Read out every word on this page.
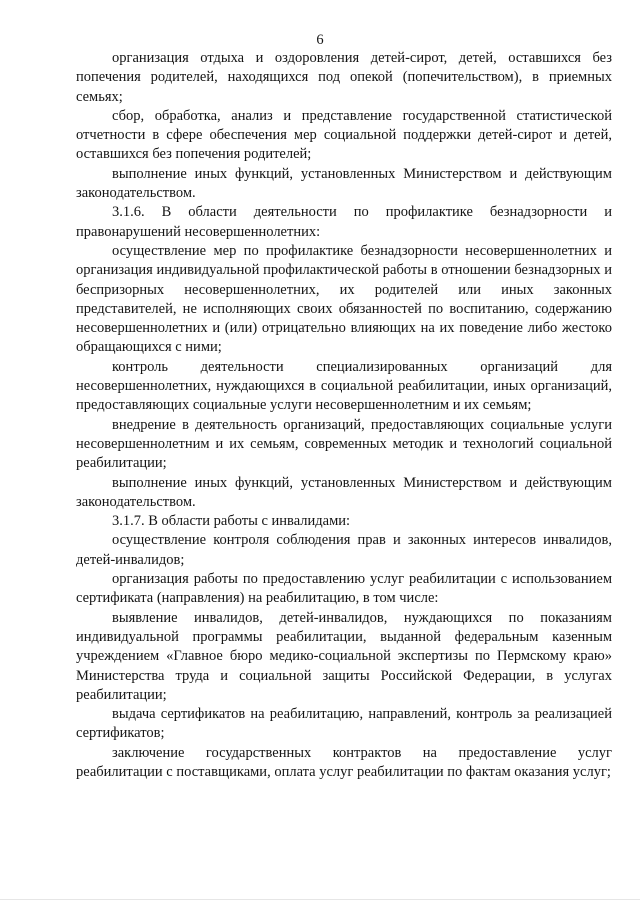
6

организация отдыха и оздоровления детей-сирот, детей, оставшихся без попечения родителей, находящихся под опекой (попечительством), в приемных семьях;

сбор, обработка, анализ и представление государственной статистической отчетности в сфере обеспечения мер социальной поддержки детей-сирот и детей, оставшихся без попечения родителей;

выполнение иных функций, установленных Министерством и действующим законодательством.

3.1.6. В области деятельности по профилактике безнадзорности и правонарушений несовершеннолетних:

осуществление мер по профилактике безнадзорности несовершеннолетних и организация индивидуальной профилактической работы в отношении безнадзорных и беспризорных несовершеннолетних, их родителей или иных законных представителей, не исполняющих своих обязанностей по воспитанию, содержанию несовершеннолетних и (или) отрицательно влияющих на их поведение либо жестоко обращающихся с ними;

контроль деятельности специализированных организаций для несовершеннолетних, нуждающихся в социальной реабилитации, иных организаций, предоставляющих социальные услуги несовершеннолетним и их семьям;

внедрение в деятельность организаций, предоставляющих социальные услуги несовершеннолетним и их семьям, современных методик и технологий социальной реабилитации;

выполнение иных функций, установленных Министерством и действующим законодательством.

3.1.7. В области работы с инвалидами:

осуществление контроля соблюдения прав и законных интересов инвалидов, детей-инвалидов;

организация работы по предоставлению услуг реабилитации с использованием сертификата (направления) на реабилитацию, в том числе:

выявление инвалидов, детей-инвалидов, нуждающихся по показаниям индивидуальной программы реабилитации, выданной федеральным казенным учреждением «Главное бюро медико-социальной экспертизы по Пермскому краю» Министерства труда и социальной защиты Российской Федерации, в услугах реабилитации;

выдача сертификатов на реабилитацию, направлений, контроль за реализацией сертификатов;

заключение государственных контрактов на предоставление услуг реабилитации с поставщиками, оплата услуг реабилитации по фактам оказания услуг;
